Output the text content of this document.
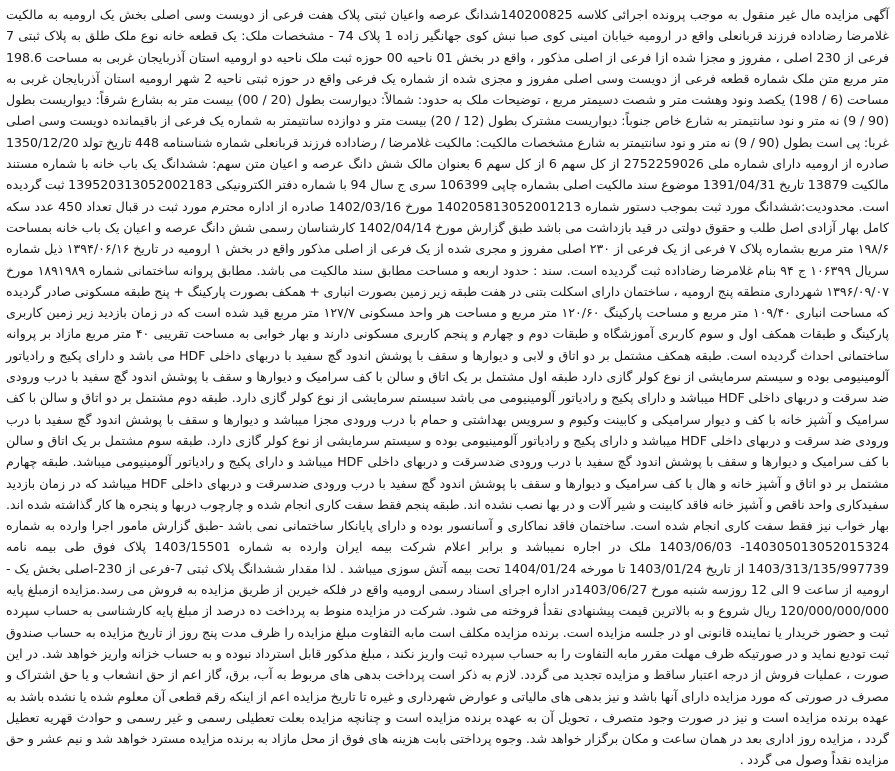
آگهی مزایده مال غیر منقول به موجب پرونده اجرائی کلاسه 140200825شدانگ عرصه واعیان ثبتی پلاک هفت فرعی از دویست وسی اصلی بخش یک ارومیه به مالکیت غلامرضا رضاداده فرزند قربانعلی واقع در ارومیه خیابان امینی کوی صبا نبش کوی جهانگیر زاده 1 پلاک 74 - مشخصات ملک: یک قطعه خانه نوع ملک طلق به پلاک ثبتی 7 فرعی از 230 اصلی ، مفروز و مجزا شده ازا فرعی از اصلی مذکور ، واقع در بخش 01 ناحیه 00 حوزه ثبت ملک ناحیه دو ارومیه استان آذربایجان غربی به مساحت 198.6 متر مربع متن ملک شماره قطعه فرعی از دویست وسی اصلی مفروز و مجزی شده از شماره یک فرعی واقع در حوزه ثبتی ناحیه 2 شهر ارومیه استان آذربایجان غربی به مساحت (6 / 198) یکصد ونود وهشت متر و شصت دسیمتر مربع ، توضیحات ملک به حدود: شمالاً: دیوارست بطول (20 / 00) بیست متر به بشارع شرقاً: دیواریست بطول (90 / 9) نه متر و نود سانتیمتر به شارع خاص جنوباً: دیواریست مشترک بطول (12 / 20) بیست متر و دوازده سانتیمتر به شماره یک فرعی از باقیمانده دویست وسی اصلی غربا: پی است بطول (90 / 9) نه متر و نود سانتیمتر به شارع مشخصات مالکیت: مالکیت غلامرضا / رضاداده فرزند قربانعلی شماره شناسنامه 448 تاریخ تولد 1350/12/20 صادره از ارومیه دارای شماره ملی 2752259026 از کل سهم 6 از کل سهم 6 بعنوان مالک شش دانگ عرصه و اعیان متن سهم: ششدانگ یک باب خانه با شماره مستند مالکیت 13879 تاریخ 1391/04/31 موضوع سند مالکیت اصلی بشماره چاپی 106399 سری ج سال 94 با شماره دفتر الکترونیکی 139520313052002183 ثبت گردیده است. محدودیت:ششدانگ مورد ثبت بموجب دستور شماره 140205813052001213 مورخ 1402/03/16 صادره از اداره محترم مورد ثبت در قبال تعداد 450 عدد سکه کامل بهار آزادی اصل طلب و حقوق دولتی در قید بازداشت می باشد طبق گزارش مورخ 1402/04/14 کارشناسان رسمی شش دانگ عرصه و اعیان یک باب خانه بمساحت ۱۹۸/۶ متر مربع بشماره پلاک ۷ فرعی از یک فرعی از ۲۳۰ اصلی مفروز و مجری شده از یک فرعی از اصلی مذکور واقع در بخش ۱ ارومیه در تاریخ ۱۳۹۴/۰۶/۱۶ ذیل شماره سریال ۱۰۶۳۹۹ ج ۹۴ بنام غلامرضا رضاداده ثبت گردیده است. سند : حدود اربعه و مساحت مطابق سند مالکیت می باشد. مطابق پروانه ساختمانی شماره ۱۸۹۱۹۸۹ مورخ ۱۳۹۶/۰۹/۰۷ شهرداری منطقه پنج ارومیه ، ساختمان دارای اسکلت بتنی در هفت طبقه زیر زمین بصورت انباری + همکف بصورت پارکینگ + پنج طبقه مسکونی صادر گردیده که مساحت انباری ۱۰۹/۴۰ متر مربع و مساحت پارکینگ ۱۲۰/۶۰ متر مربع و مساحت هر واحد مسکونی ۱۲۷/۷ متر مربع قید شده است که در زمان بازدید زیر زمین کاربری پارکینگ و طبقات همکف اول و سوم کاربری آموزشگاه و طبقات دوم و چهارم و پنجم کاربری مسکونی دارند و بهار خوابی به مساحت تقریبی ۴۰ متر مربع مازاد بر پروانه ساختمانی احداث گردیده است. طبقه همکف مشتمل بر دو اتاق و لابی و دیوارها و سقف با پوشش اندود گچ سفید با دربهای داخلی HDF می باشد و دارای پکیج و رادیاتور آلومینیومی بوده و سیستم سرمایشی از نوع کولر گازی دارد طبقه اول مشتمل بر یک اتاق و سالن با کف سرامیک و دیوارها و سقف با پوشش اندود گچ سفید با درب ورودی ضد سرقت و دربهای داخلی HDF میباشد و دارای پکیج و رادیاتور آلومینیومی می باشد سیستم سرمایشی از نوع کولر گازی دارد. طبقه دوم مشتمل بر دو اتاق و سالن با کف سرامیک و آشپز خانه با کف و دیوار سرامیکی و کابینت وکیوم و سرویس بهداشتی و حمام با درب ورودی مجزا میباشد و دیوارها و سقف با پوشش اندود گچ سفید با درب ورودی ضد سرقت و دربهای داخلی HDF میباشد و دارای پکیج و رادیاتور آلومینیومی بوده و سیستم سرمایشی از نوع کولر گازی دارد. طبقه سوم مشتمل بر یک اتاق و سالن با کف سرامیک و دیوارها و سقف با پوشش اندود گچ سفید با درب ورودی ضدسرقت و دربهای داخلی HDF میباشد و دارای پکیج و رادیاتور آلومینیومی میباشد. طبقه چهارم مشتمل بر دو اتاق و آشپز خانه و هال با کف سرامیک و دیوارها و سقف با پوشش اندود گچ سفید با درب ورودی ضدسرقت و دربهای داخلی HDF میباشد که در زمان بازدید سفیدکاری واحد ناقص و آشپز خانه فاقد کابینت و شیر آلات و در بها نصب نشده اند. طبقه پنجم فقط سفت کاری انجام شده و چارچوب دربها و پنجره ها کار گذاشته شده اند. بهار خواب نیز فقط سفت کاری انجام شده است. ساختمان فاقد نماکاری و آسانسور بوده و دارای پایانکار ساختمانی نمی باشد -طبق گزارش مامور اجرا وارده به شماره 140305013052015324- 1403/06/03 ملک در اجاره نمیباشد و برابر اعلام شرکت بیمه ایران وارده به شماره 1403/15501 پلاک فوق طی بیمه نامه 1403/313/135/997739 از تاریخ 1403/01/24 تا مورخه 1404/01/24 تحت بیمه آتش سوزی میباشد . لذا مقدار ششدانگ پلاک ثبتی 7-فرعی از 230-اصلی بخش یک - ارومیه از ساعت 9 الی 12 روزسه شنبه مورخ 1403/06/27در اداره اجرای اسناد رسمی ارومیه واقع در فلکه خیرین از طریق مزایده به فروش می رسد.مزایده ازمبلغ پایه 120/000/000/000 ریال شروع و به بالاترین قیمت پیشنهادی نقدأ فروخته می شود. شرکت در مزایده منوط به پرداخت ده درصد از مبلغ پایه کارشناسی به حساب سپرده ثبت و حضور خریدار یا نماینده قانونی او در جلسه مزایده است. برنده مزایده مکلف است مابه التفاوت مبلغ مزایده را ظرف مدت پنج روز از تاریخ مزایده به حساب صندوق ثبت تودیع نماید و در صورتیکه ظرف مهلت مقرر مابه التفاوت را به حساب سپرده ثبت واریز نکند ، مبلغ مذکور قابل استرداد نبوده و به حساب خزانه واریز خواهد شد. در این صورت ، عملیات فروش از درجه اعتبار ساقط و مزایده تجدید می گردد. لازم به ذکر است پرداخت بدهی های مربوط به آب، برق، گاز اعم از حق انشعاب و یا حق اشتراک و مصرف در صورتی که مورد مزایده دارای آنها باشد و نیز بدهی های مالیاتی و عوارض شهرداری و غیره تا تاریخ مزایده اعم از اینکه رقم قطعی آن معلوم شده یا نشده باشد به عهده برنده مزایده است و نیز در صورت وجود متصرف ، تحویل آن به عهده برنده مزایده است و چنانچه مزایده بعلت تعطیلی رسمی و غیر رسمی و حوادث قهریه تعطیل گردد ، مزایده روز اداری بعد در همان ساعت و مکان برگزار خواهد شد. وجوه پرداختی بابت هزینه های فوق از محل مازاد به برنده مزایده مسترد خواهد شد و نیم عشر و حق مزایده نقداً وصول می گردد .
